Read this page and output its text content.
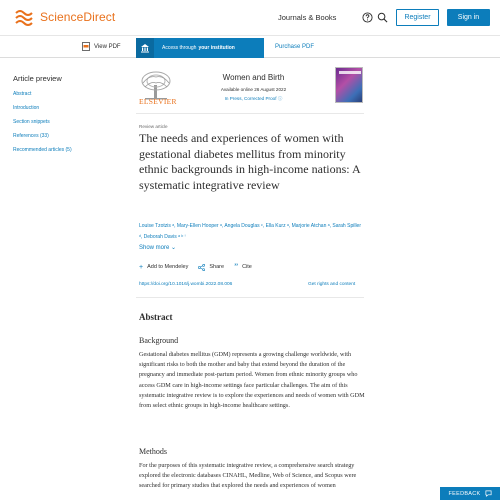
ScienceDirect	Journals & Books	Register	Sign in
View PDF	Access through your institution	Purchase PDF
Article preview
Abstract
Introduction
Section snippets
References (33)
Recommended articles (5)
ELSEVIER
Women and Birth
Available online 26 August 2022
In Press, Corrected Proof ⓘ
Review article
The needs and experiences of women with gestational diabetes mellitus from minority ethnic backgrounds in high-income nations: A systematic integrative review
Louise Tzotzis ᵃ, Mary-Ellen Hooper ᵃ, Angela Douglas ᶜ, Ella Kurz ᵃ, Marjorie Atchan ᵃ, Sarah Spiller ᵈ, Deborah Davis ᵃ ᵇ ⁱ
Show more ⌄
+ Add to Mendeley	Share ” Cite
https://doi.org/10.1016/j.wombi.2022.08.006	Get rights and content
Abstract
Background

Gestational diabetes mellitus (GDM) represents a growing challenge worldwide, with significant risks to both the mother and baby that extend beyond the duration of the pregnancy and immediate post-partum period. Women from ethnic minority groups who access GDM care in high-income settings face particular challenges. The aim of this systematic integrative review is to explore the experiences and needs of women with GDM from select ethnic groups in high-income healthcare settings.

Methods

For the purposes of this systematic integrative review, a comprehensive search strategy explored the electronic databases CINAHL, Medline, Web of Science, and Scopus were searched for primary studies that explored the needs and experiences of women

FEEDBACK
